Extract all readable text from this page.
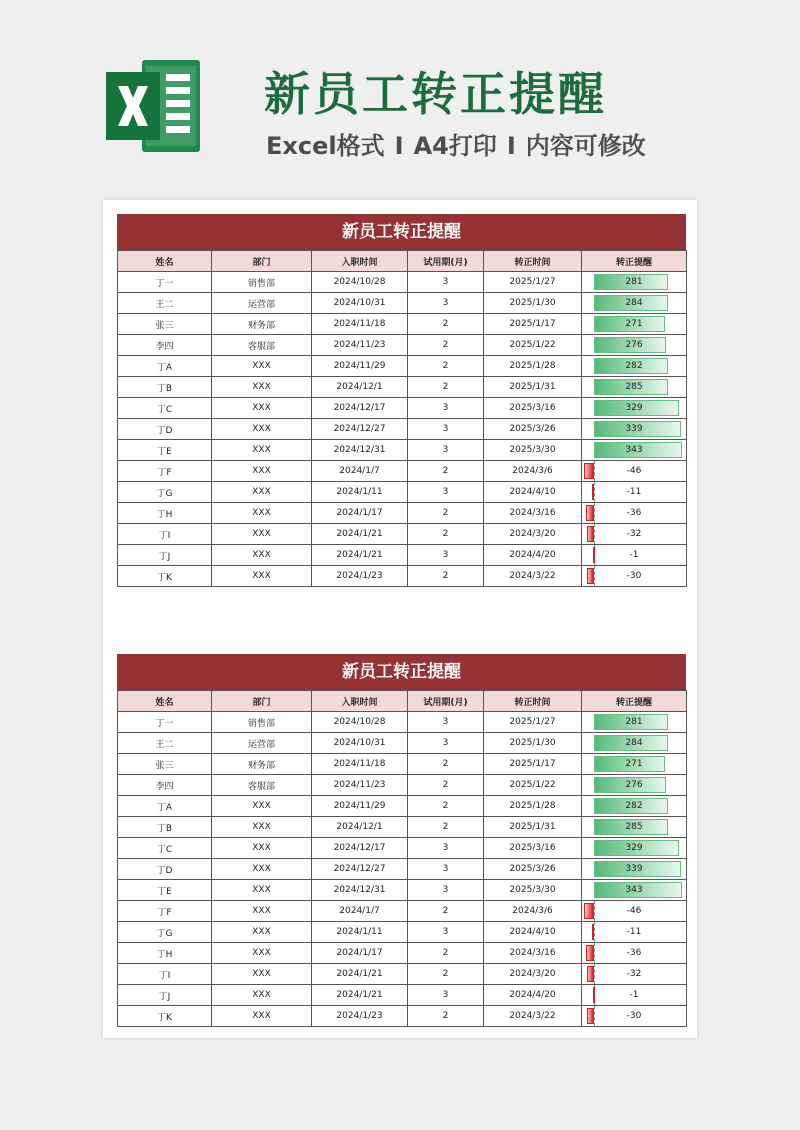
新员工转正提醒
Excel格式 I A4打印 I 内容可修改
新员工转正提醒
姓名	部门	入职时间	试用期(月)	转正时间	转正提醒
丁一	销售部	2024/10/28	3	2025/1/27	281
王二	运营部	2024/10/31	3	2025/1/30	284
张三	财务部	2024/11/18	2	2025/1/17	271
李四	客服部	2024/11/23	2	2025/1/22	276
丁A	XXX	2024/11/29	2	2025/1/28	282
丁B	XXX	2024/12/1	2	2025/1/31	285
丁C	XXX	2024/12/17	3	2025/3/16	329
丁D	XXX	2024/12/27	3	2025/3/26	339
丁E	XXX	2024/12/31	3	2025/3/30	343
丁F	XXX	2024/1/7	2	2024/3/6	-46
丁G	XXX	2024/1/11	3	2024/4/10	-11
丁H	XXX	2024/1/17	2	2024/3/16	-36
丁I	XXX	2024/1/21	2	2024/3/20	-32
丁J	XXX	2024/1/21	3	2024/4/20	-1
丁K	XXX	2024/1/23	2	2024/3/22	-30
新员工转正提醒
姓名	部门	入职时间	试用期(月)	转正时间	转正提醒
丁一	销售部	2024/10/28	3	2025/1/27	281
王二	运营部	2024/10/31	3	2025/1/30	284
张三	财务部	2024/11/18	2	2025/1/17	271
李四	客服部	2024/11/23	2	2025/1/22	276
丁A	XXX	2024/11/29	2	2025/1/28	282
丁B	XXX	2024/12/1	2	2025/1/31	285
丁C	XXX	2024/12/17	3	2025/3/16	329
丁D	XXX	2024/12/27	3	2025/3/26	339
丁E	XXX	2024/12/31	3	2025/3/30	343
丁F	XXX	2024/1/7	2	2024/3/6	-46
丁G	XXX	2024/1/11	3	2024/4/10	-11
丁H	XXX	2024/1/17	2	2024/3/16	-36
丁I	XXX	2024/1/21	2	2024/3/20	-32
丁J	XXX	2024/1/21	3	2024/4/20	-1
丁K	XXX	2024/1/23	2	2024/3/22	-30
